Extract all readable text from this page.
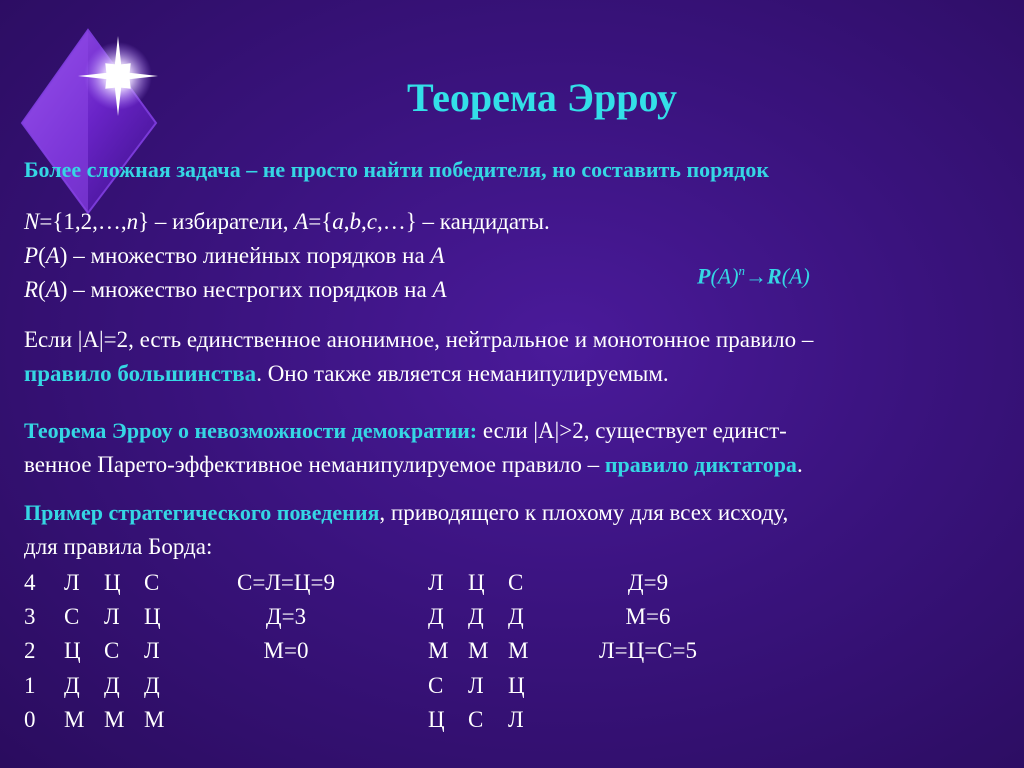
Теорема Эрроу
Более сложная задача – не просто найти победителя, но составить порядок
N={1,2,…,n} – избиратели, A={a,b,c,…} – кандидаты.
P(A) – множество линейных порядков на A
R(A) – множество нестрогих порядков на A
$P(A)^n\to R(A)$
Если |A|=2, есть единственное анонимное, нейтральное и монотонное правило –
правило большинства. Оно также является неманипулируемым.
Теорема Эрроу о невозможности демократии: если |A|>2, существует единст-
венное Парето-эффективное неманипулируемое правило – правило диктатора.
Пример стратегического поведения, приводящего к плохому для всех исходу,
для правила Борда:
4 Л Ц С	С=Л=Ц=9	Л Ц С	Д=9
3 С Л Ц	Д=3	Д Д Д	М=6
2 Ц С Л	М=0	М М М	Л=Ц=С=5
1 Д Д Д	С Л Ц
0 М М М	Ц С Л
